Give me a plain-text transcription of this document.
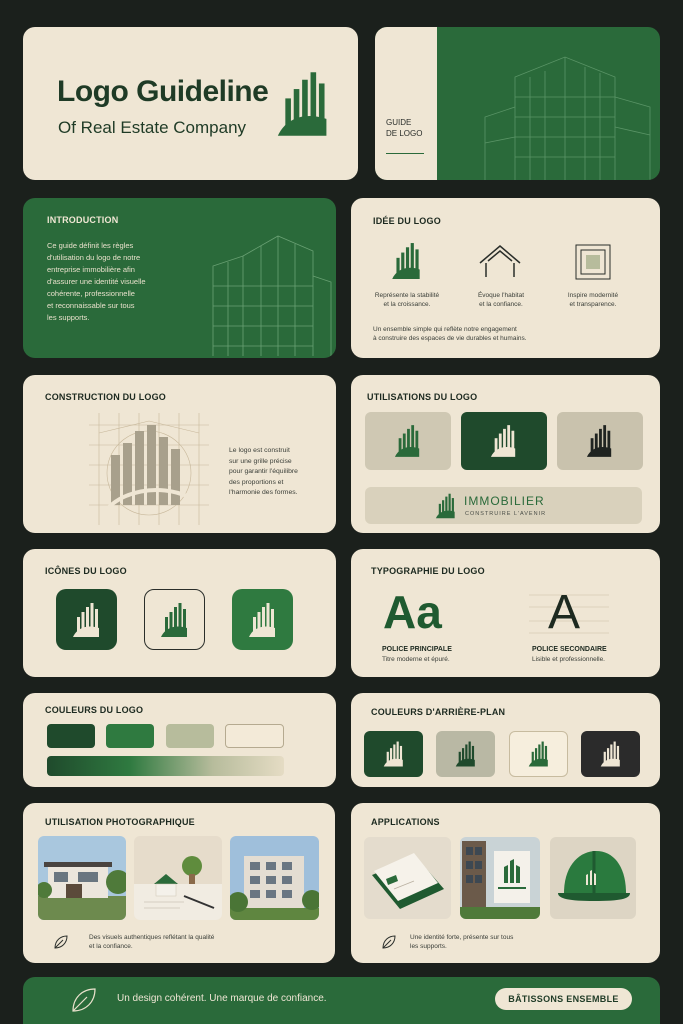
Logo Guideline
Of Real Estate Company	GUIDE
DE LOGO
INTRODUCTION
Ce guide définit les règles
d'utilisation du logo de notre
entreprise immobilière afin
d'assurer une identité visuelle
cohérente, professionnelle
et reconnaissable sur tous
les supports.
IDÉE DU LOGO
Représente la stabilité
et la croissance.
Évoque l'habitat
et la confiance.
Inspire modernité
et transparence.
Un ensemble simple qui reflète notre engagement
à construire des espaces de vie durables et humains.
CONSTRUCTION DU LOGO
Le logo est construit
sur une grille précise
pour garantir l'équilibre
des proportions et
l'harmonie des formes.
UTILISATIONS DU LOGO
IMMOBILIER
CONSTRUIRE L'AVENIR
ICÔNES DU LOGO	TYPOGRAPHIE DU LOGO
Aa
POLICE PRINCIPALE
Titre moderne et épuré.
A
POLICE SECONDAIRE
Lisible et professionnelle.
COULEURS DU LOGO	COULEURS D'ARRIÈRE-PLAN
UTILISATION PHOTOGRAPHIQUE
Des visuels authentiques reflétant la qualité
et la confiance.
APPLICATIONS
Une identité forte, présente sur tous
les supports.
Un design cohérent. Une marque de confiance.	BÂTISSONS ENSEMBLE
